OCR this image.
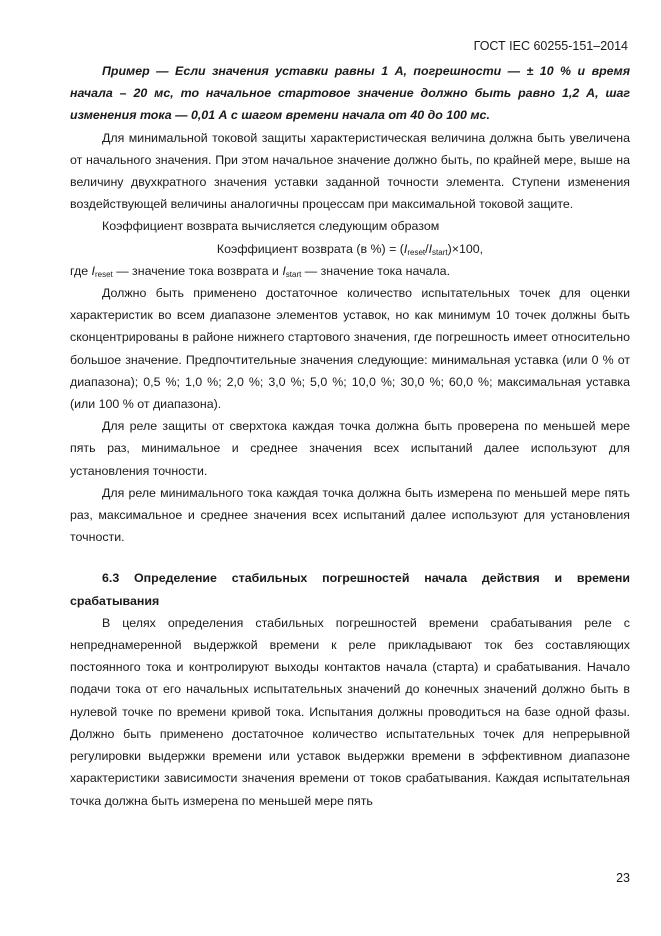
ГОСТ IEC 60255-151–2014

Пример — Если значения уставки равны 1 А, погрешности — ± 10 % и время начала – 20 мс, то начальное стартовое значение должно быть равно 1,2 А, шаг изменения тока — 0,01 А с шагом времени начала от 40 до 100 мс.

Для минимальной токовой защиты характеристическая величина должна быть увеличена от начального значения. При этом начальное значение должно быть, по крайней мере, выше на величину двухкратного значения уставки заданной точности элемента. Ступени изменения воздействующей величины аналогичны процессам при максимальной токовой защите.

Коэффициент возврата вычисляется следующим образом

Коэффициент возврата (в %) = $(I_{reset}/I_{start})\times 100$,

где $I_{reset}$ — значение тока возврата и $I_{start}$ — значение тока начала.

Должно быть применено достаточное количество испытательных точек для оценки характеристик во всем диапазоне элементов уставок, но как минимум 10 точек должны быть сконцентрированы в районе нижнего стартового значения, где погрешность имеет относительно большое значение. Предпочтительные значения следующие: минимальная уставка (или 0 % от диапазона); 0,5 %; 1,0 %; 2,0 %; 3,0 %; 5,0 %; 10,0 %; 30,0 %; 60,0 %; максимальная уставка (или 100 % от диапазона).

Для реле защиты от сверхтока каждая точка должна быть проверена по меньшей мере пять раз, минимальное и среднее значения всех испытаний далее используют для установления точности.

Для реле минимального тока каждая точка должна быть измерена по меньшей мере пять раз, максимальное и среднее значения всех испытаний далее используют для установления точности.

6.3 Определение стабильных погрешностей начала действия и времени срабатывания

В целях определения стабильных погрешностей времени срабатывания реле с непреднамеренной выдержкой времени к реле прикладывают ток без составляющих постоянного тока и контролируют выходы контактов начала (старта) и срабатывания. Начало подачи тока от его начальных испытательных значений до конечных значений должно быть в нулевой точке по времени кривой тока. Испытания должны проводиться на базе одной фазы. Должно быть применено достаточное количество испытательных точек для непрерывной регулировки выдержки времени или уставок выдержки времени в эффективном диапазоне характеристики зависимости значения времени от токов срабатывания. Каждая испытательная точка должна быть измерена по меньшей мере пять

23
